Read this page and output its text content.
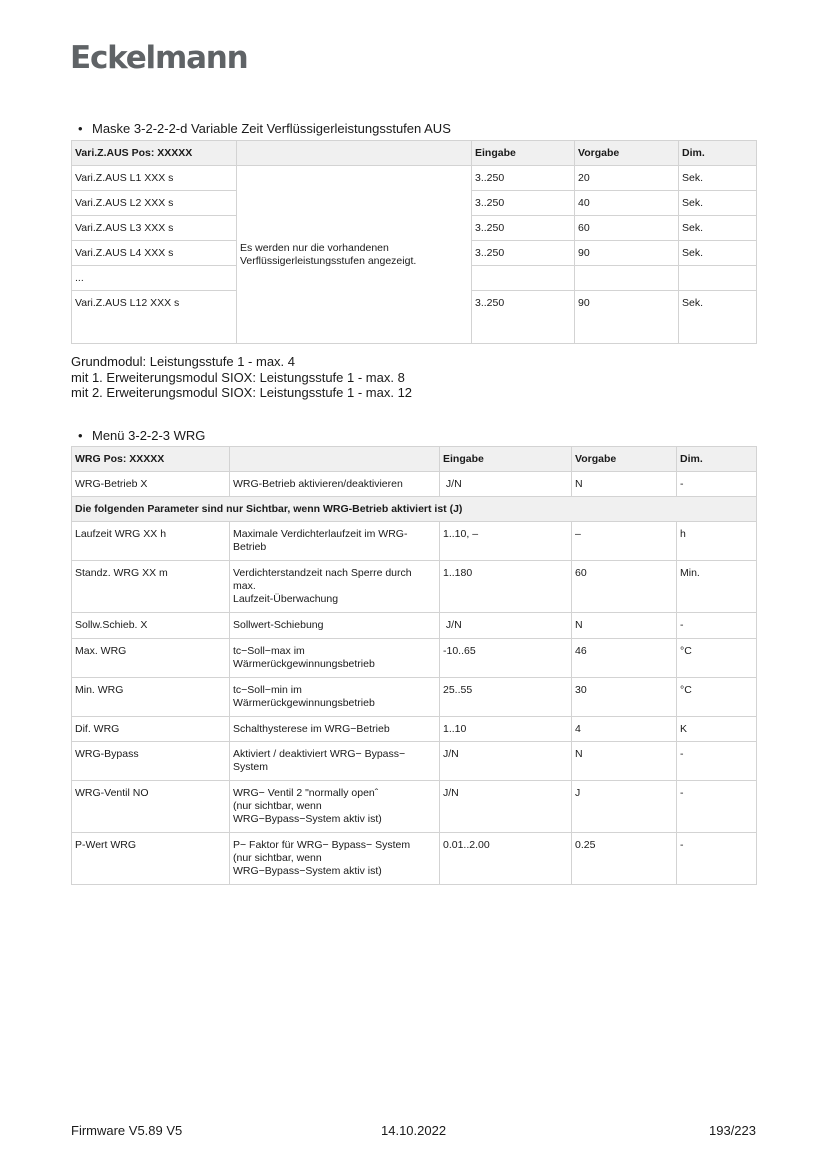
Eckelmann
• Maske 3-2-2-2-d Variable Zeit Verflüssigerleistungsstufen AUS
Vari.Z.AUS Pos: XXXXX		Eingabe	Vorgabe	Dim.
Vari.Z.AUS L1 XXX s	Es werden nur die vorhandenen Verflüssigerleistungsstufen angezeigt.	3..250	20	Sek.
Vari.Z.AUS L2 XXX s		3..250	40	Sek.
Vari.Z.AUS L3 XXX s		3..250	60	Sek.
Vari.Z.AUS L4 XXX s		3..250	90	Sek.
...				
Vari.Z.AUS L12 XXX s		3..250	90	Sek.
Grundmodul: Leistungsstufe 1 - max. 4
mit 1. Erweiterungsmodul SIOX: Leistungsstufe 1 - max. 8
mit 2. Erweiterungsmodul SIOX: Leistungsstufe 1 - max. 12
• Menü 3-2-2-3 WRG
WRG Pos: XXXXX		Eingabe	Vorgabe	Dim.
WRG-Betrieb X	WRG-Betrieb aktivieren/deaktivieren	J/N	N	-
Die folgenden Parameter sind nur Sichtbar, wenn WRG-Betrieb aktiviert ist (J)				
Laufzeit WRG XX h	Maximale Verdichterlaufzeit im WRG-
Betrieb	1..10, –	–	h
Standz. WRG XX m	Verdichterstandzeit nach Sperre durch
max.
Laufzeit-Überwachung	1..180	60	Min.
Sollw.Schieb. X	Sollwert-Schiebung	J/N	N	-
Max. WRG	tc−Soll−max im
Wärmerückgewinnungsbetrieb	-10..65	46	°C
Min. WRG	tc−Soll−min im
Wärmerückgewinnungsbetrieb	25..55	30	°C
Dif. WRG	Schalthysterese im WRG−Betrieb	1..10	4	K
WRG-Bypass	Aktiviert / deaktiviert WRG− Bypass−
System	J/N	N	-
WRG-Ventil NO	WRG− Ventil 2 "normally openˆ
(nur sichtbar, wenn
WRG−Bypass−System aktiv ist)	J/N	J	-
P-Wert WRG	P− Faktor für WRG− Bypass− System
(nur sichtbar, wenn
WRG−Bypass−System aktiv ist)	0.01..2.00	0.25	-
Firmware V5.89 V5	14.10.2022	193/223
